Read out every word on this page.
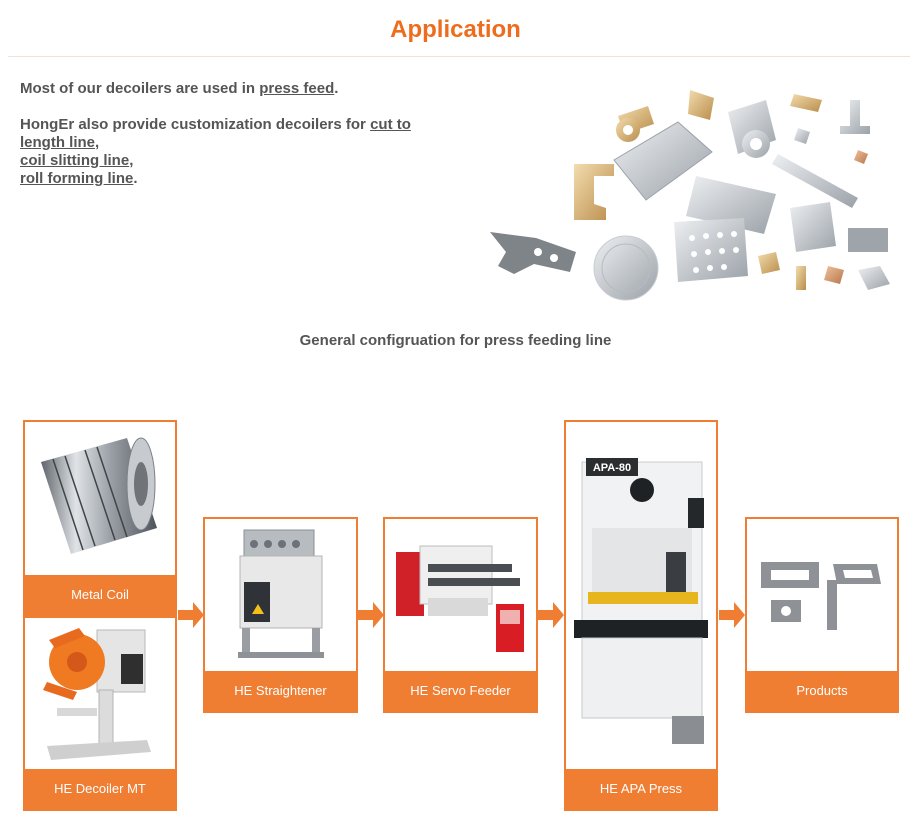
Application

Most of our decoilers are used in press feed.

HongEr also provide customization decoilers for cut to length line,
coil slitting line,
roll forming line.

General configruation for press feeding line
Metal Coil
HE Decoiler MT
HE Straightener	HE Servo Feeder
APA-80
HE APA Press
Products
